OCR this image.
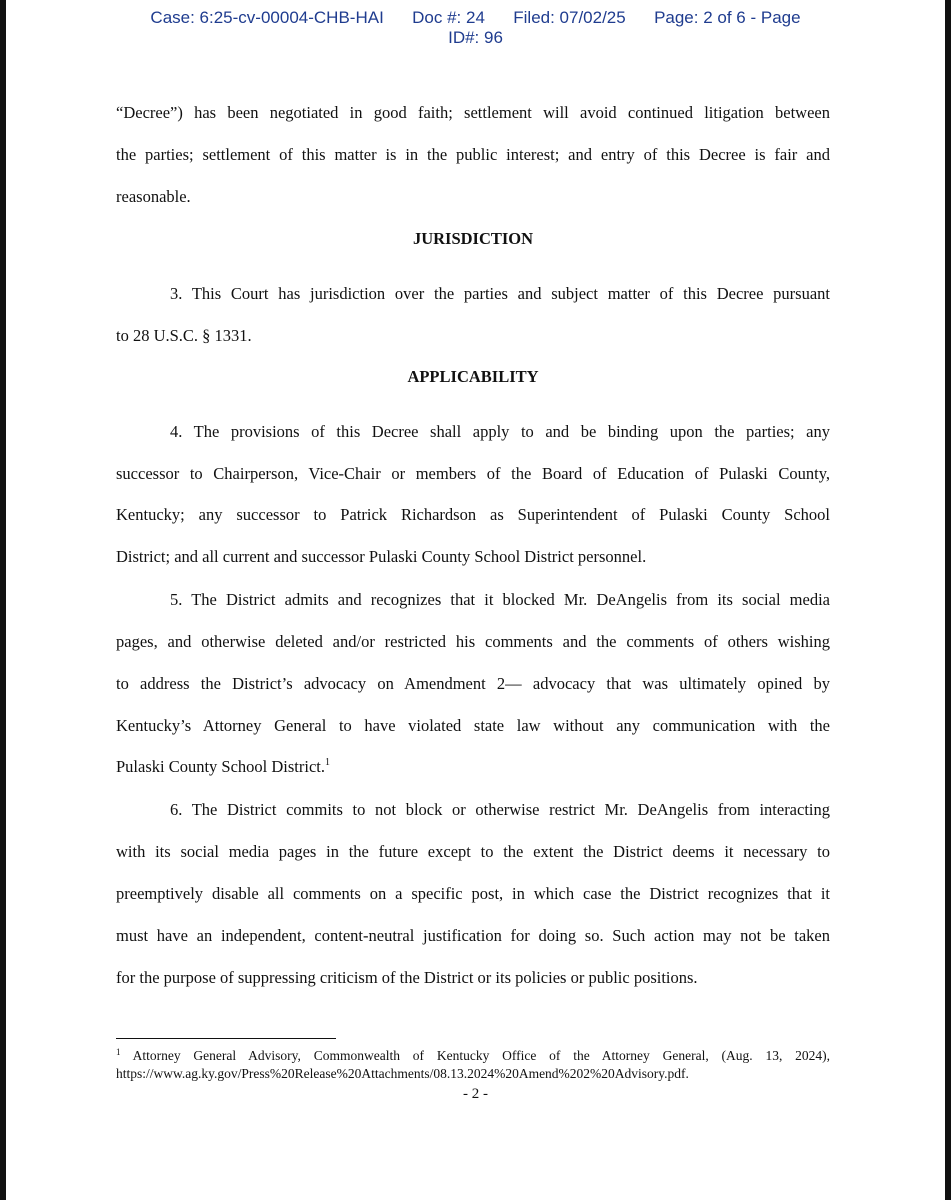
Case: 6:25-cv-00004-CHB-HAI Doc #: 24 Filed: 07/02/25 Page: 2 of 6 - Page
ID#: 96
“Decree”) has been negotiated in good faith; settlement will avoid continued litigation between
the parties; settlement of this matter is in the public interest; and entry of this Decree is fair and
reasonable.
JURISDICTION
3. This Court has jurisdiction over the parties and subject matter of this Decree pursuant
to 28 U.S.C. § 1331.
APPLICABILITY
4. The provisions of this Decree shall apply to and be binding upon the parties; any
successor to Chairperson, Vice-Chair or members of the Board of Education of Pulaski County,
Kentucky; any successor to Patrick Richardson as Superintendent of Pulaski County School
District; and all current and successor Pulaski County School District personnel.
5. The District admits and recognizes that it blocked Mr. DeAngelis from its social media
pages, and otherwise deleted and/or restricted his comments and the comments of others wishing
to address the District’s advocacy on Amendment 2— advocacy that was ultimately opined by
Kentucky’s Attorney General to have violated state law without any communication with the
Pulaski County School District.$^1$
6. The District commits to not block or otherwise restrict Mr. DeAngelis from interacting
with its social media pages in the future except to the extent the District deems it necessary to
preemptively disable all comments on a specific post, in which case the District recognizes that it
must have an independent, content-neutral justification for doing so. Such action may not be taken
for the purpose of suppressing criticism of the District or its policies or public positions.
$^1$ Attorney General Advisory, Commonwealth of Kentucky Office of the Attorney General, (Aug. 13, 2024),
https://www.ag.ky.gov/Press%20Release%20Attachments/08.13.2024%20Amend%202%20Advisory.pdf.
- 2 -
